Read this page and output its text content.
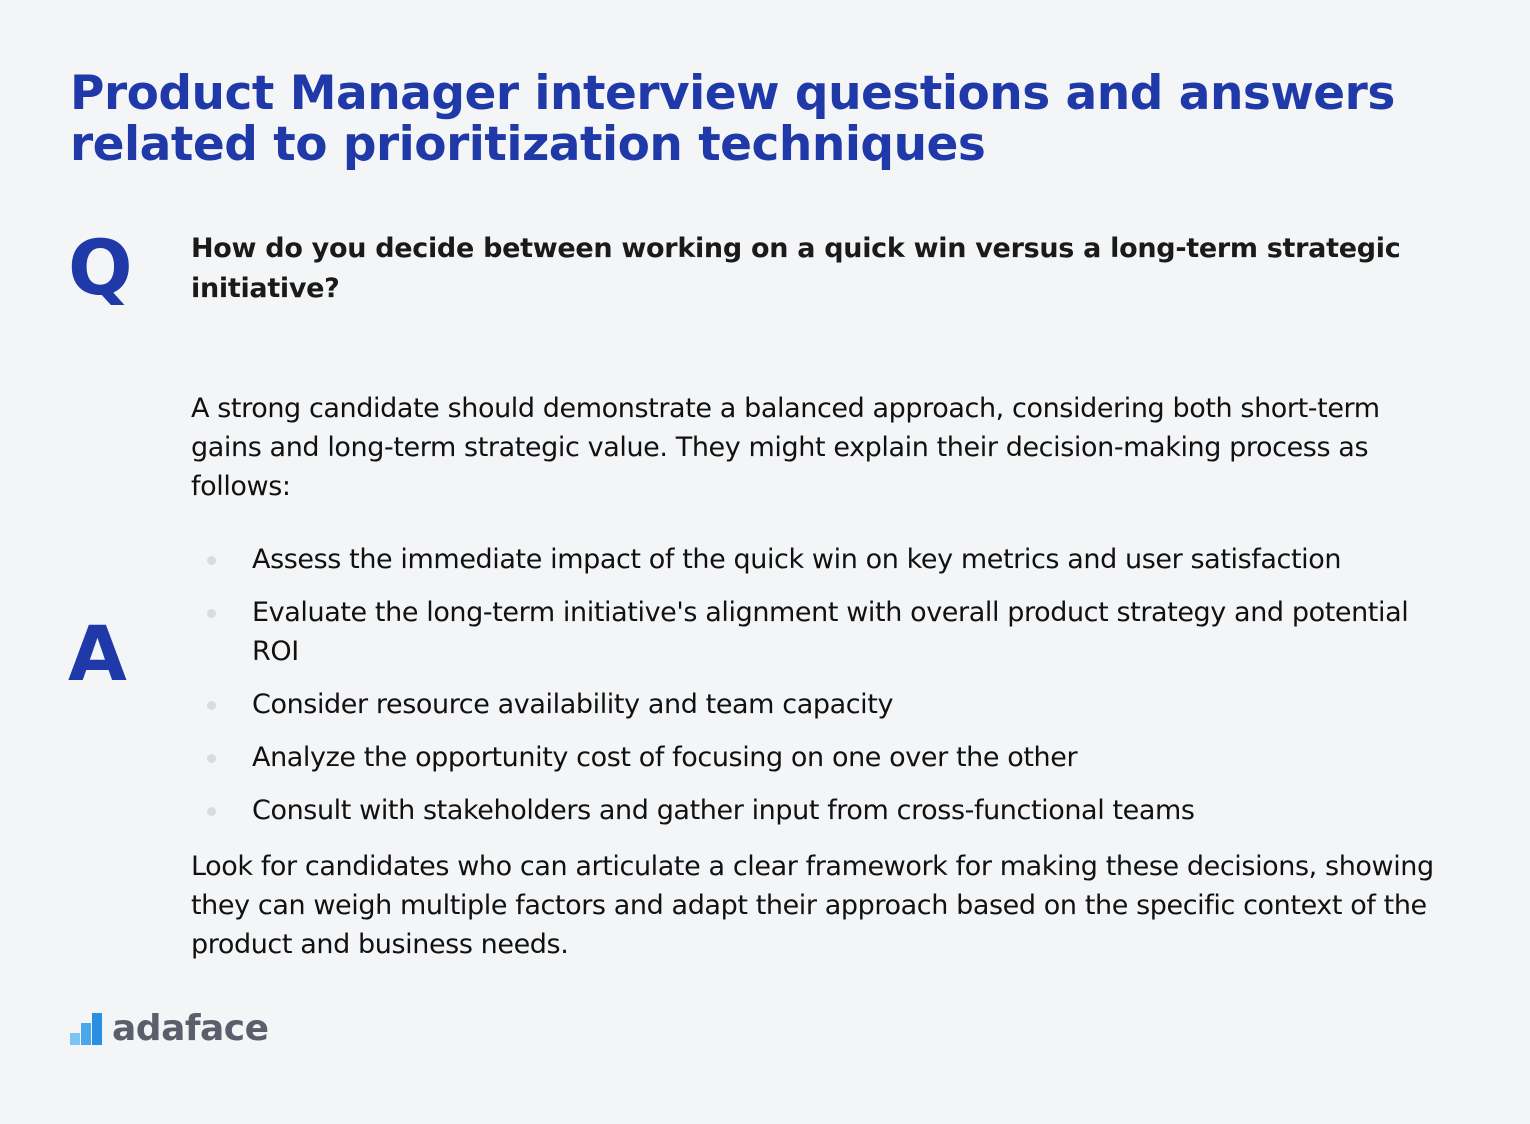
Product Manager interview questions and answers related to prioritization techniques
Q How do you decide between working on a quick win versus a long-term strategic initiative?
A
A strong candidate should demonstrate a balanced approach, considering both short-term gains and long-term strategic value. They might explain their decision-making process as follows:
Assess the immediate impact of the quick win on key metrics and user satisfaction
Evaluate the long-term initiative's alignment with overall product strategy and potential ROI
Consider resource availability and team capacity
Analyze the opportunity cost of focusing on one over the other
Consult with stakeholders and gather input from cross-functional teams
Look for candidates who can articulate a clear framework for making these decisions, showing they can weigh multiple factors and adapt their approach based on the specific context of the product and business needs.
adaface
